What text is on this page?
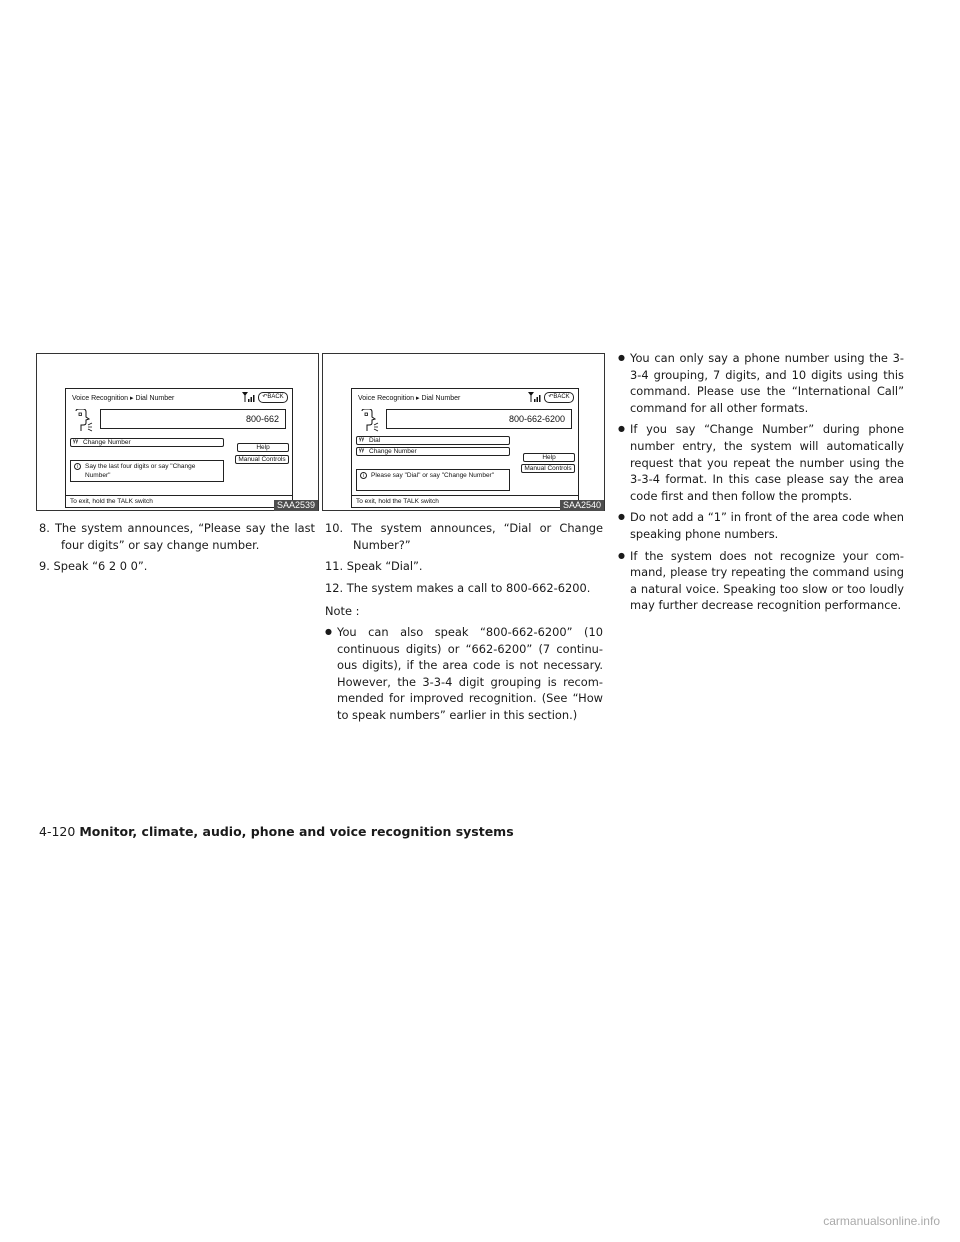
Voice Recognition ▸ Dial Number	↶BACK
800-662
ᵞᵞ Change Number
Help
Manual Controls
i	Say the last four digits or say "Change Number"
To exit, hold the TALK switch	SAA2539
Voice Recognition ▸ Dial Number	↶BACK
800-662-6200
ᵞᵞ Dial
ᵞᵞ Change Number
Help
Manual Controls
i	Please say "Dial" or say "Change Number"
To exit, hold the TALK switch	SAA2540

8. The system announces, “Please say the last four digits” or say change number.

9. Speak “6 2 0 0”.

10. The system announces, “Dial or Change Number?”

11. Speak “Dial”.

12. The system makes a call to 800-662-6200.

Note :

● You can also speak “800-662-6200” (10 continuous digits) or “662-6200” (7 continu-ous digits), if the area code is not necessary. However, the 3-3-4 digit grouping is recom-mended for improved recognition. (See “How to speak numbers” earlier in this section.)

● You can only say a phone number using the 3-3-4 grouping, 7 digits, and 10 digits using this command. Please use the “International Call” command for all other formats.

● If you say “Change Number” during phone number entry, the system will automatically request that you repeat the number using the 3-3-4 format. In this case please say the area code first and then follow the prompts.

● Do not add a “1” in front of the area code when speaking phone numbers.

● If the system does not recognize your com-mand, please try repeating the command using a natural voice. Speaking too slow or too loudly may further decrease recognition performance.

4-120 Monitor, climate, audio, phone and voice recognition systems
carmanualsonline.info
